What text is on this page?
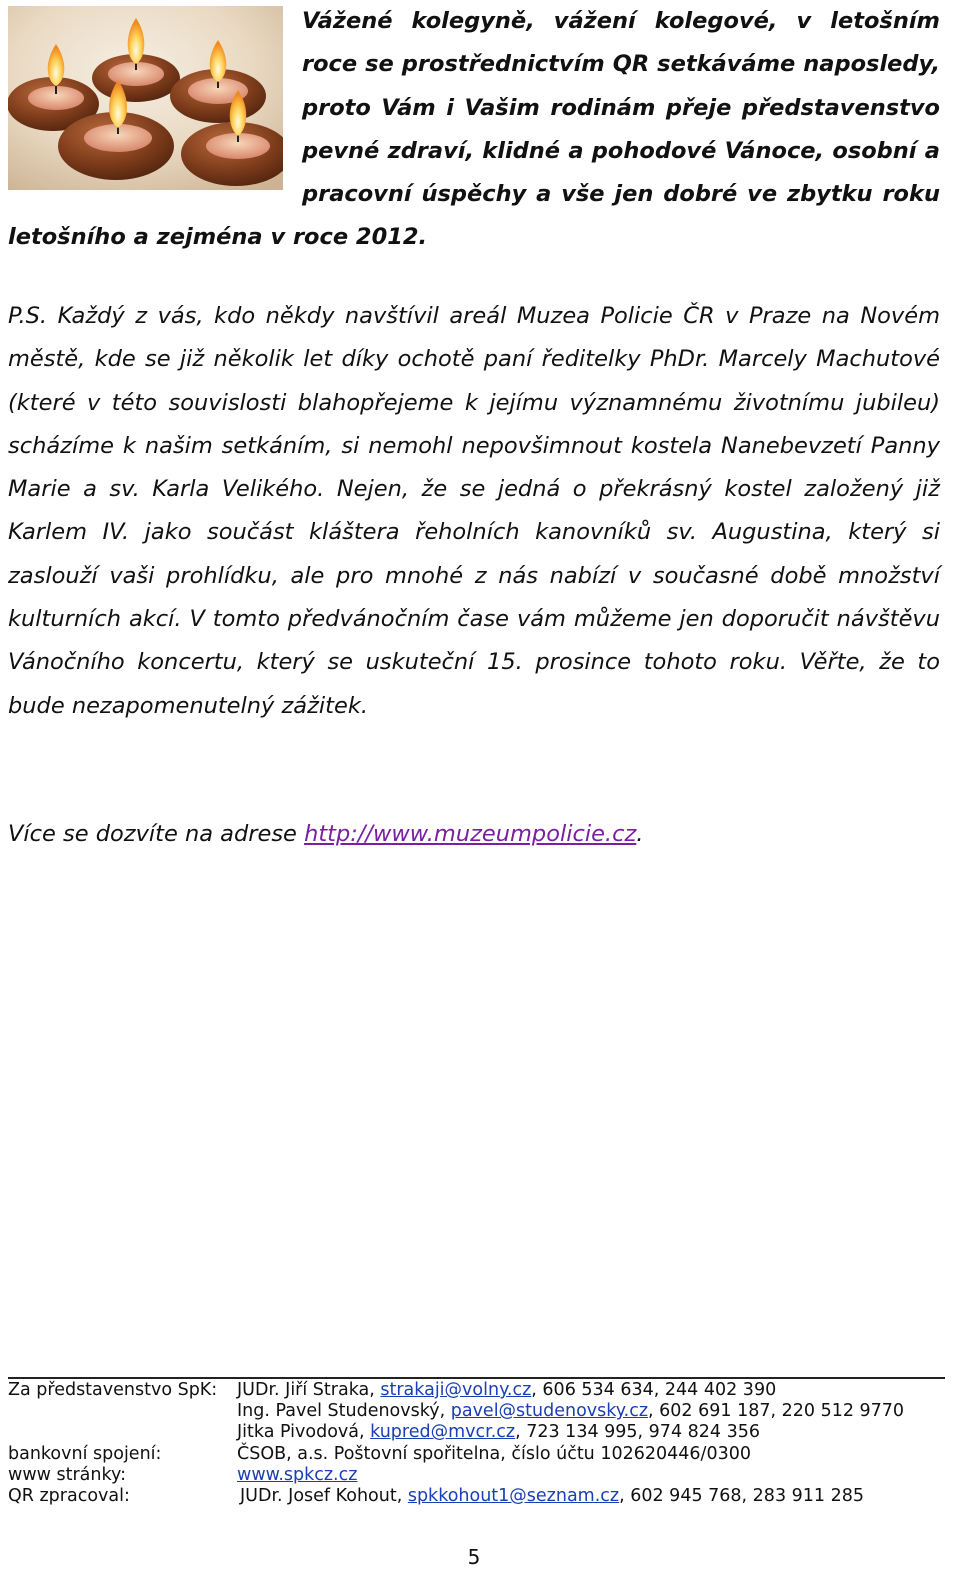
Vážené kolegyně, vážení kolegové, v letošním roce se prostřednictvím QR setkáváme naposledy, proto Vám i Vašim rodinám přeje představenstvo pevné zdraví, klidné a pohodové Vánoce, osobní a pracovní úspěchy a vše jen dobré ve zbytku roku letošního a zejména v roce 2012.
P.S. Každý z vás, kdo někdy navštívil areál Muzea Policie ČR v Praze na Novém městě, kde se již několik let díky ochotě paní ředitelky PhDr. Marcely Machutové (které v této souvislosti blahopřejeme k jejímu významnému životnímu jubileu) scházíme k našim setkáním, si nemohl nepovšimnout kostela Nanebevzetí Panny Marie a sv. Karla Velikého. Nejen, že se jedná o překrásný kostel založený již Karlem IV. jako součást kláštera řeholních kanovníků sv. Augustina, který si zaslouží vaši prohlídku, ale pro mnohé z nás nabízí v současné době množství kulturních akcí. V tomto předvánočním čase vám můžeme jen doporučit návštěvu Vánočního koncertu, který se uskuteční 15. prosince tohoto roku. Věřte, že to bude nezapomenutelný zážitek.
Více se dozvíte na adrese http://www.muzeumpolicie.cz.
Za představenstvo SpK: JUDr. Jiří Straka, strakaji@volny.cz, 606 534 634, 244 402 390
Ing. Pavel Studenovský, pavel@studenovsky.cz, 602 691 187, 220 512 9770
Jitka Pivodová, kupred@mvcr.cz, 723 134 995, 974 824 356
bankovní spojení:	ČSOB, a.s. Poštovní spořitelna, číslo účtu 102620446/0300
www stránky:	www.spkcz.cz
QR zpracoval:	JUDr. Josef Kohout, spkkohout1@seznam.cz, 602 945 768, 283 911 285
5
